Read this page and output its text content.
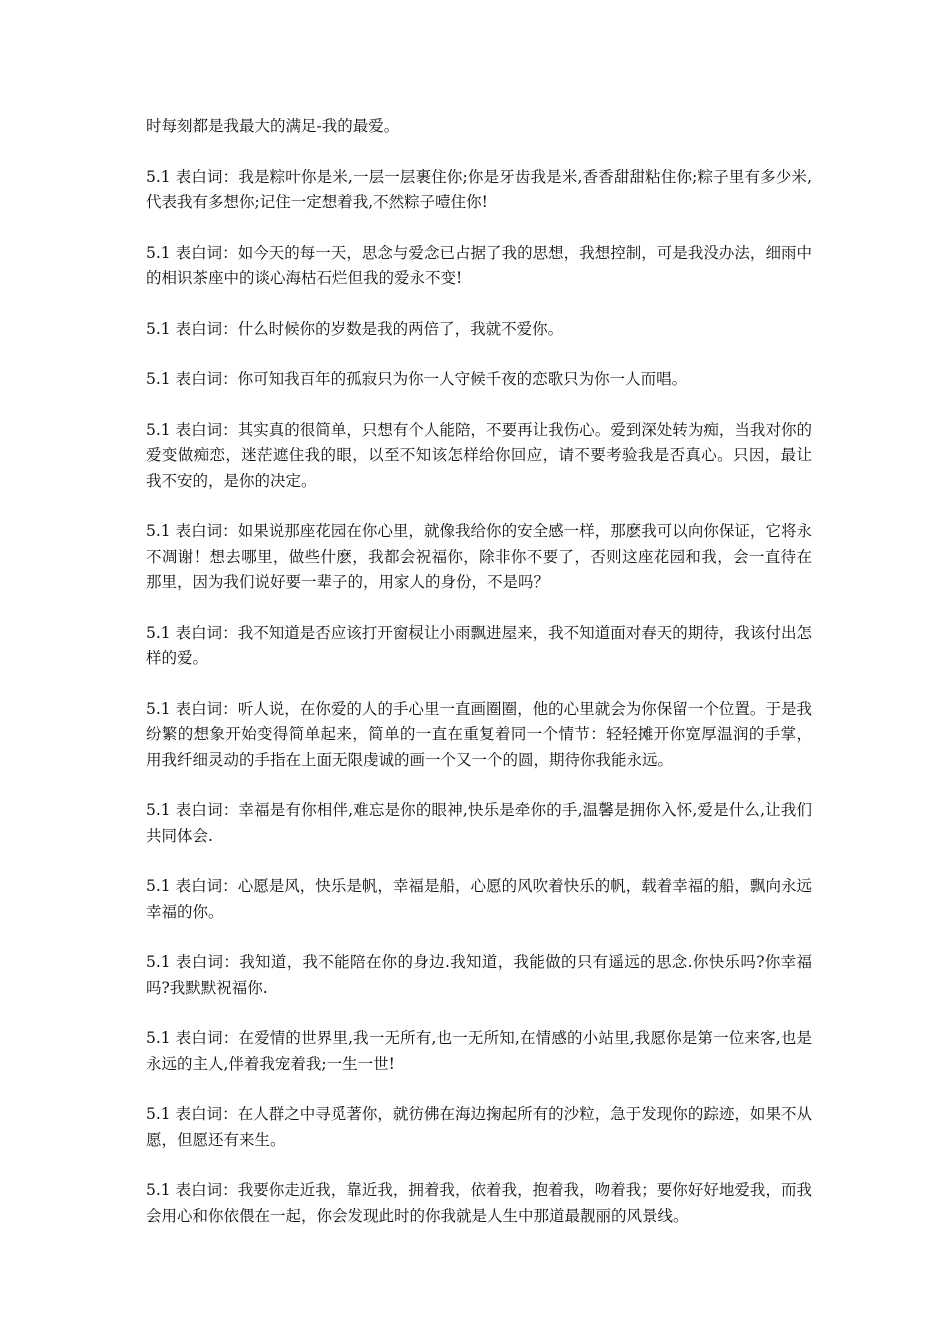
时每刻都是我最大的满足-我的最爱。

5.1 表白词：我是粽叶你是米,一层一层裹住你;你是牙齿我是米,香香甜甜粘住你;粽子里有多少米,代表我有多想你;记住一定想着我,不然粽子噎住你!

5.1 表白词：如今天的每一天，思念与爱念已占据了我的思想，我想控制，可是我没办法，细雨中的相识茶座中的谈心海枯石烂但我的爱永不变!

5.1 表白词：什么时候你的岁数是我的两倍了，我就不爱你。

5.1 表白词：你可知我百年的孤寂只为你一人守候千夜的恋歌只为你一人而唱。

5.1 表白词：其实真的很简单，只想有个人能陪，不要再让我伤心。爱到深处转为痴，当我对你的爱变做痴恋，迷茫遮住我的眼，以至不知该怎样给你回应，请不要考验我是否真心。只因，最让我不安的，是你的决定。

5.1 表白词：如果说那座花园在你心里，就像我给你的安全感一样，那麽我可以向你保证，它将永不凋谢！想去哪里，做些什麽，我都会祝福你，除非你不要了，否则这座花园和我，会一直待在那里，因为我们说好要一辈子的，用家人的身份，不是吗？

5.1 表白词：我不知道是否应该打开窗棂让小雨飘进屋来，我不知道面对春天的期待，我该付出怎样的爱。

5.1 表白词：听人说，在你爱的人的手心里一直画圈圈，他的心里就会为你保留一个位置。于是我纷繁的想象开始变得简单起来，简单的一直在重复着同一个情节：轻轻摊开你宽厚温润的手掌，用我纤细灵动的手指在上面无限虔诚的画一个又一个的圆，期待你我能永远。

5.1 表白词：幸福是有你相伴,难忘是你的眼神,快乐是牵你的手,温馨是拥你入怀,爱是什么,让我们共同体会.

5.1 表白词：心愿是风，快乐是帆，幸福是船，心愿的风吹着快乐的帆，载着幸福的船，飘向永远幸福的你。

5.1 表白词：我知道，我不能陪在你的身边.我知道，我能做的只有遥远的思念.你快乐吗?你幸福吗?我默默祝福你.

5.1 表白词：在爱情的世界里,我一无所有,也一无所知,在情感的小站里,我愿你是第一位来客,也是永远的主人,伴着我宠着我;一生一世!

5.1 表白词：在人群之中寻觅著你，就彷佛在海边掬起所有的沙粒，急于发现你的踪迹，如果不从愿，但愿还有来生。

5.1 表白词：我要你走近我，靠近我，拥着我，依着我，抱着我，吻着我；要你好好地爱我，而我会用心和你依偎在一起，你会发现此时的你我就是人生中那道最靓丽的风景线。
